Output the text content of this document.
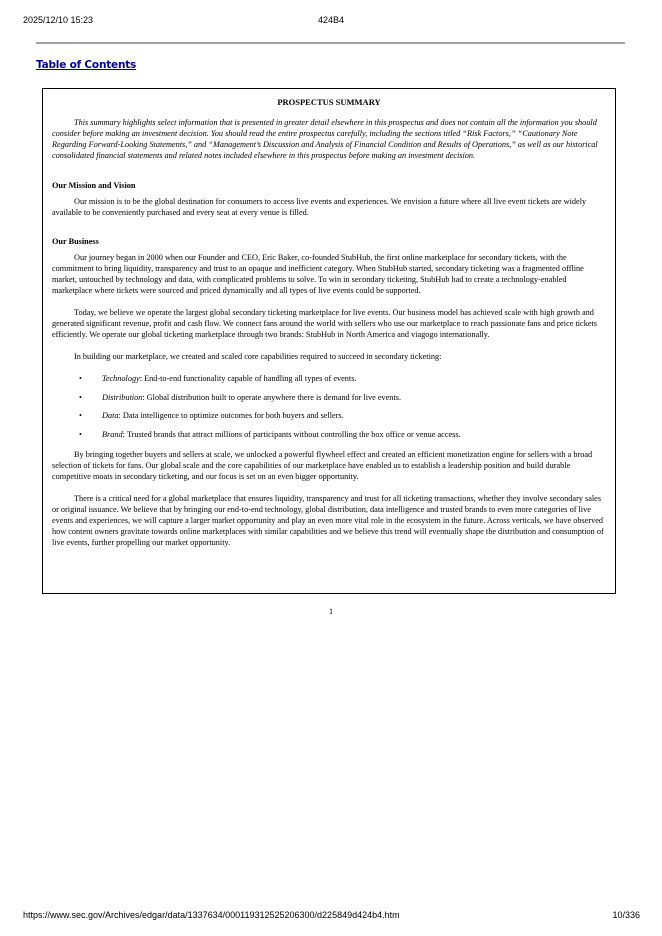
2025/12/10 15:23	424B4
Table of Contents

PROSPECTUS SUMMARY

This summary highlights select information that is presented in greater detail elsewhere in this prospectus and does not contain all the information you should consider before making an investment decision. You should read the entire prospectus carefully, including the sections titled “Risk Factors,” “Cautionary Note Regarding Forward-Looking Statements,” and “Management’s Discussion and Analysis of Financial Condition and Results of Operations,” as well as our historical consolidated financial statements and related notes included elsewhere in this prospectus before making an investment decision.

Our Mission and Vision

Our mission is to be the global destination for consumers to access live events and experiences. We envision a future where all live event tickets are widely available to be conveniently purchased and every seat at every venue is filled.

Our Business

Our journey began in 2000 when our Founder and CEO, Eric Baker, co-founded StubHub, the first online marketplace for secondary tickets, with the commitment to bring liquidity, transparency and trust to an opaque and inefficient category. When StubHub started, secondary ticketing was a fragmented offline market, untouched by technology and data, with complicated problems to solve. To win in secondary ticketing, StubHub had to create a technology-enabled marketplace where tickets were sourced and priced dynamically and all types of live events could be supported.

Today, we believe we operate the largest global secondary ticketing marketplace for live events. Our business model has achieved scale with high growth and generated significant revenue, profit and cash flow. We connect fans around the world with sellers who use our marketplace to reach passionate fans and price tickets efficiently. We operate our global ticketing marketplace through two brands: StubHub in North America and viagogo internationally.

In building our marketplace, we created and scaled core capabilities required to succeed in secondary ticketing:

• Technology: End-to-end functionality capable of handling all types of events.
• Distribution: Global distribution built to operate anywhere there is demand for live events.
• Data: Data intelligence to optimize outcomes for both buyers and sellers.
• Brand: Trusted brands that attract millions of participants without controlling the box office or venue access.

By bringing together buyers and sellers at scale, we unlocked a powerful flywheel effect and created an efficient monetization engine for sellers with a broad selection of tickets for fans. Our global scale and the core capabilities of our marketplace have enabled us to establish a leadership position and build durable competitive moats in secondary ticketing, and our focus is set on an even bigger opportunity.

There is a critical need for a global marketplace that ensures liquidity, transparency and trust for all ticketing transactions, whether they involve secondary sales or original issuance. We believe that by bringing our end-to-end technology, global distribution, data intelligence and trusted brands to even more categories of live events and experiences, we will capture a larger market opportunity and play an even more vital role in the ecosystem in the future. Across verticals, we have observed how content owners gravitate towards online marketplaces with similar capabilities and we believe this trend will eventually shape the distribution and consumption of live events, further propelling our market opportunity.

1
https://www.sec.gov/Archives/edgar/data/1337634/000119312525206300/d225849d424b4.htm	10/336
